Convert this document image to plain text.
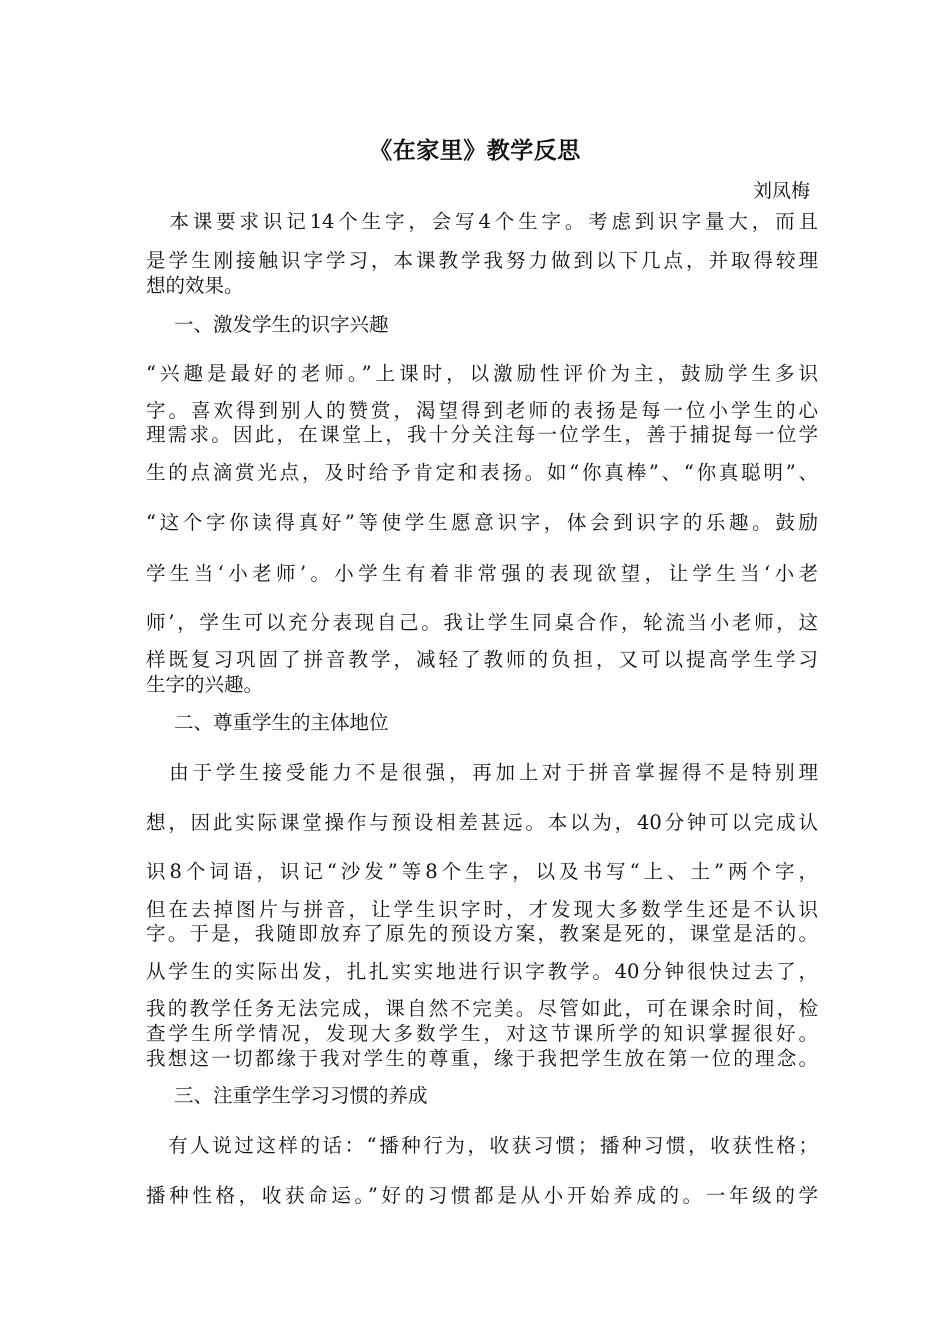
《在家里》教学反思
刘凤梅
　本课要求识记14个生字，会写4个生字。考虑到识字量大，而且
是学生刚接触识字学习，本课教学我努力做到以下几点，并取得较理
想的效果。
一、激发学生的识字兴趣
“兴趣是最好的老师。”上课时，以激励性评价为主，鼓励学生多识
字。喜欢得到别人的赞赏，渴望得到老师的表扬是每一位小学生的心
理需求。因此，在课堂上，我十分关注每一位学生，善于捕捉每一位学
生的点滴赏光点，及时给予肯定和表扬。如“你真棒”、“你真聪明”、
“这个字你读得真好”等使学生愿意识字，体会到识字的乐趣。鼓励
学生当‘小老师’。小学生有着非常强的表现欲望，让学生当‘小老
师’，学生可以充分表现自己。我让学生同桌合作，轮流当小老师，这
样既复习巩固了拼音教学，减轻了教师的负担，又可以提高学生学习
生字的兴趣。
二、尊重学生的主体地位
　由于学生接受能力不是很强，再加上对于拼音掌握得不是特别理
想，因此实际课堂操作与预设相差甚远。本以为，40分钟可以完成认
识8个词语，识记“沙发”等8个生字，以及书写“上、土”两个字，
但在去掉图片与拼音，让学生识字时，才发现大多数学生还是不认识
字。于是，我随即放弃了原先的预设方案，教案是死的，课堂是活的。
从学生的实际出发，扎扎实实地进行识字教学。40分钟很快过去了，
我的教学任务无法完成，课自然不完美。尽管如此，可在课余时间，检
查学生所学情况，发现大多数学生，对这节课所学的知识掌握很好。
我想这一切都缘于我对学生的尊重，缘于我把学生放在第一位的理念。
三、注重学生学习习惯的养成
　有人说过这样的话：“播种行为，收获习惯；播种习惯，收获性格；
播种性格，收获命运。”好的习惯都是从小开始养成的。一年级的学
